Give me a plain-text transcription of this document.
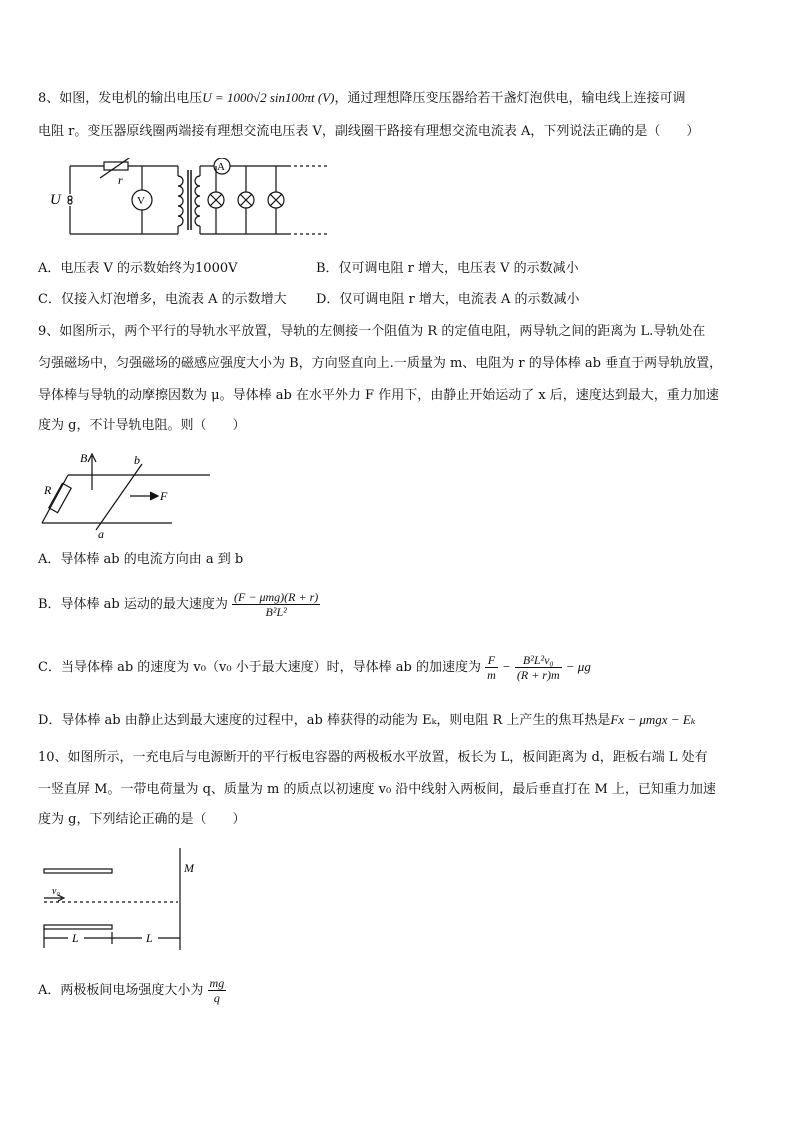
8、如图，发电机的输出电压U = 1000√2 sin100πt (V)，通过理想降压变压器给若干盏灯泡供电，输电线上连接可调
电阻 r。变压器原线圈两端接有理想交流电压表 V，副线圈干路接有理想交流电流表 A，下列说法正确的是（　　）
U
r
V
A
A．电压表 V 的示数始终为1000V	B．仅可调电阻 r 增大，电压表 V 的示数减小
C．仅接入灯泡增多，电流表 A 的示数增大 D．仅可调电阻 r 增大，电流表 A 的示数减小
9、如图所示，两个平行的导轨水平放置，导轨的左侧接一个阻值为 R 的定值电阻，两导轨之间的距离为 L.导轨处在
匀强磁场中，匀强磁场的磁感应强度大小为 B，方向竖直向上.一质量为 m、电阻为 r 的导体棒 ab 垂直于两导轨放置，
导体棒与导轨的动摩擦因数为 μ。导体棒 ab 在水平外力 F 作用下，由静止开始运动了 x 后，速度达到最大，重力加速
度为 g，不计导轨电阻。则（　　）
B	b
a
R	F
A．导体棒 ab 的电流方向由 a 到 b
B．导体棒 ab 运动的最大速度为 $\frac{\text{(F − μmg)(R + r)}}{\text{B²L²}}$
C．当导体棒 ab 的速度为 v₀（v₀ 小于最大速度）时，导体棒 ab 的加速度为 $\frac{F}{m} - \frac{\text{B²L²v₀}}{(R + r)m} - \mu g$
D．导体棒 ab 由静止达到最大速度的过程中，ab 棒获得的动能为 Eₖ，则电阻 R 上产生的焦耳热是Fx − μmgx − Eₖ
10、如图所示，一充电后与电源断开的平行板电容器的两极板水平放置，板长为 L，板间距离为 d，距板右端 L 处有
一竖直屏 M。一带电荷量为 q、质量为 m 的质点以初速度 v₀ 沿中线射入两板间，最后垂直打在 M 上，已知重力加速
度为 g，下列结论正确的是（　　）
M
v₀
L	L
A．两极板间电场强度大小为 $\frac{mg}{q}$
